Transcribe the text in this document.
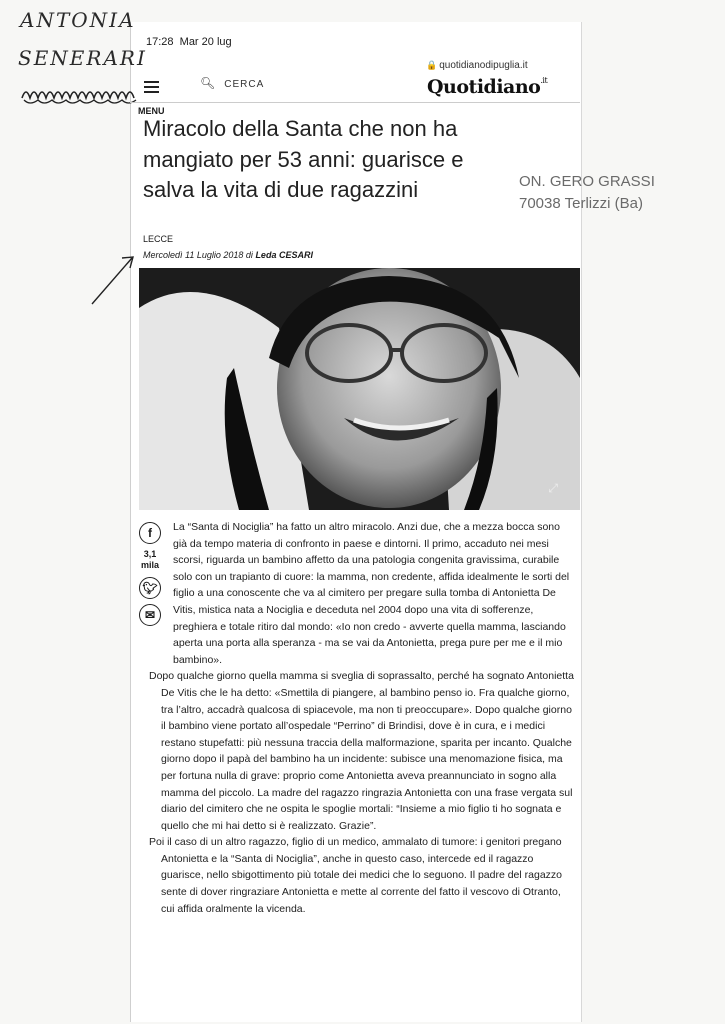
ANTONIA
SENERARI
17:28 Mar 20 lug
🔒 quotidianodipuglia.it
🔍︎ CERCA	Quotidiano$^{.it}$
MENU
Miracolo della Santa che non ha mangiato per 53 anni: guarisce e salva la vita di due ragazzini	ON. GERO GRASSI
70038 Terlizzi (Ba)
LECCE
Mercoledì 11 Luglio 2018 di Leda CESARI
⤢
f
3,1 mila
🐦︎
✉︎

La “Santa di Nociglia” ha fatto un altro miracolo. Anzi due, che a mezza bocca sono già da tempo materia di confronto in paese e dintorni. Il primo, accaduto nei mesi scorsi, riguarda un bambino affetto da una patologia congenita gravissima, curabile solo con un trapianto di cuore: la mamma, non credente, affida idealmente le sorti del figlio a una conoscente che va al cimitero per pregare sulla tomba di Antonietta De Vitis, mistica nata a Nociglia e deceduta nel 2004 dopo una vita di sofferenze, preghiera e totale ritiro dal mondo: «Io non credo - avverte quella mamma, lasciando aperta una porta alla speranza - ma se vai da Antonietta, prega pure per me e il mio bambino».

Dopo qualche giorno quella mamma si sveglia di soprassalto, perché ha sognato Antonietta De Vitis che le ha detto: «Smettila di piangere, al bambino penso io. Fra qualche giorno, tra l’altro, accadrà qualcosa di spiacevole, ma non ti preoccupare». Dopo qualche giorno il bambino viene portato all’ospedale “Perrino” di Brindisi, dove è in cura, e i medici restano stupefatti: più nessuna traccia della malformazione, sparita per incanto. Qualche giorno dopo il papà del bambino ha un incidente: subisce una menomazione fisica, ma per fortuna nulla di grave: proprio come Antonietta aveva preannunciato in sogno alla mamma del piccolo. La madre del ragazzo ringrazia Antonietta con una frase vergata sul diario del cimitero che ne ospita le spoglie mortali: “Insieme a mio figlio ti ho sognata e quello che mi hai detto si è realizzato. Grazie”.

Poi il caso di un altro ragazzo, figlio di un medico, ammalato di tumore: i genitori pregano Antonietta e la “Santa di Nociglia”, anche in questo caso, intercede ed il ragazzo guarisce, nello sbigottimento più totale dei medici che lo seguono. Il padre del ragazzo sente di dover ringraziare Antonietta e mette al corrente del fatto il vescovo di Otranto, cui affida oralmente la vicenda.
